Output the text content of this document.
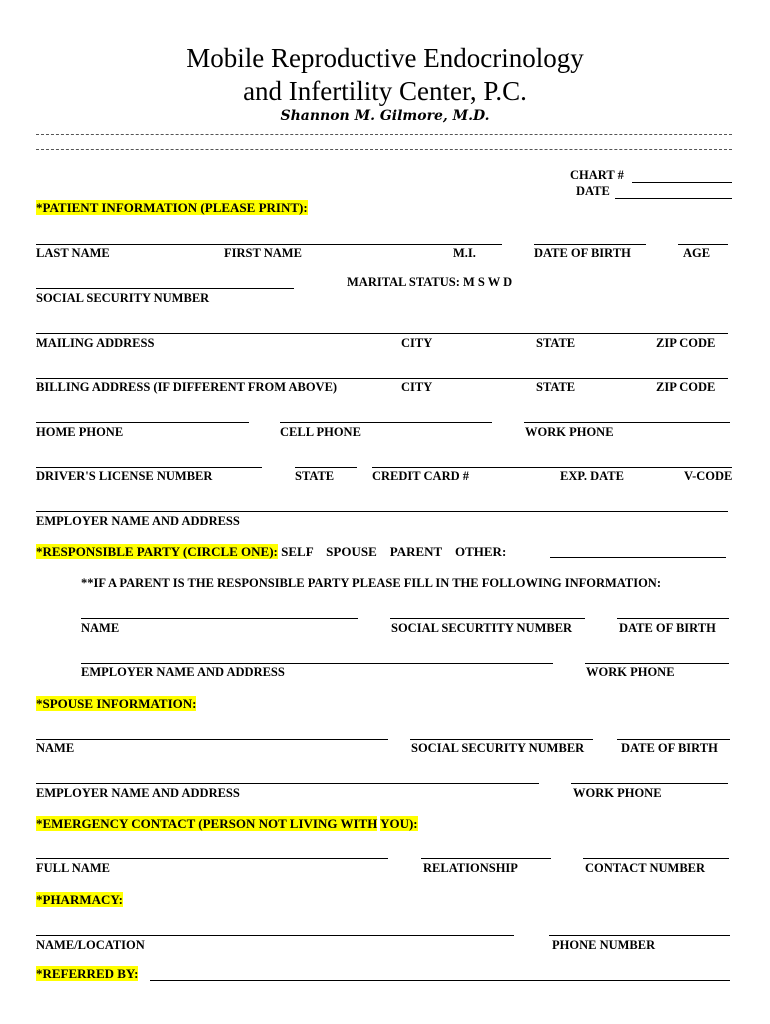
Mobile Reproductive Endocrinology
and Infertility Center, P.C.
Shannon M. Gilmore, M.D.
CHART #
DATE
*PATIENT INFORMATION (PLEASE PRINT):
LAST NAME	FIRST NAME	M.I.	DATE OF BIRTH	AGE
MARITAL STATUS: M S W D
SOCIAL SECURITY NUMBER
MAILING ADDRESS	CITY	STATE	ZIP CODE
BILLING ADDRESS (IF DIFFERENT FROM ABOVE)	CITY	STATE	ZIP CODE
HOME PHONE	CELL PHONE	WORK PHONE
DRIVER'S LICENSE NUMBER	STATE	CREDIT CARD #	EXP. DATE	V-CODE
EMPLOYER NAME AND ADDRESS
*RESPONSIBLE PARTY (CIRCLE ONE): SELF    SPOUSE    PARENT    OTHER:
**IF A PARENT IS THE RESPONSIBLE PARTY PLEASE FILL IN THE FOLLOWING INFORMATION:
NAME	SOCIAL SECURTITY NUMBER	DATE OF BIRTH
EMPLOYER NAME AND ADDRESS	WORK PHONE
*SPOUSE INFORMATION:
NAME	SOCIAL SECURITY NUMBER	DATE OF BIRTH
EMPLOYER NAME AND ADDRESS	WORK PHONE
*EMERGENCY CONTACT (PERSON NOT LIVING WITH YOU):
FULL NAME	RELATIONSHIP	CONTACT NUMBER
*PHARMACY:
NAME/LOCATION	PHONE NUMBER
*REFERRED BY:
